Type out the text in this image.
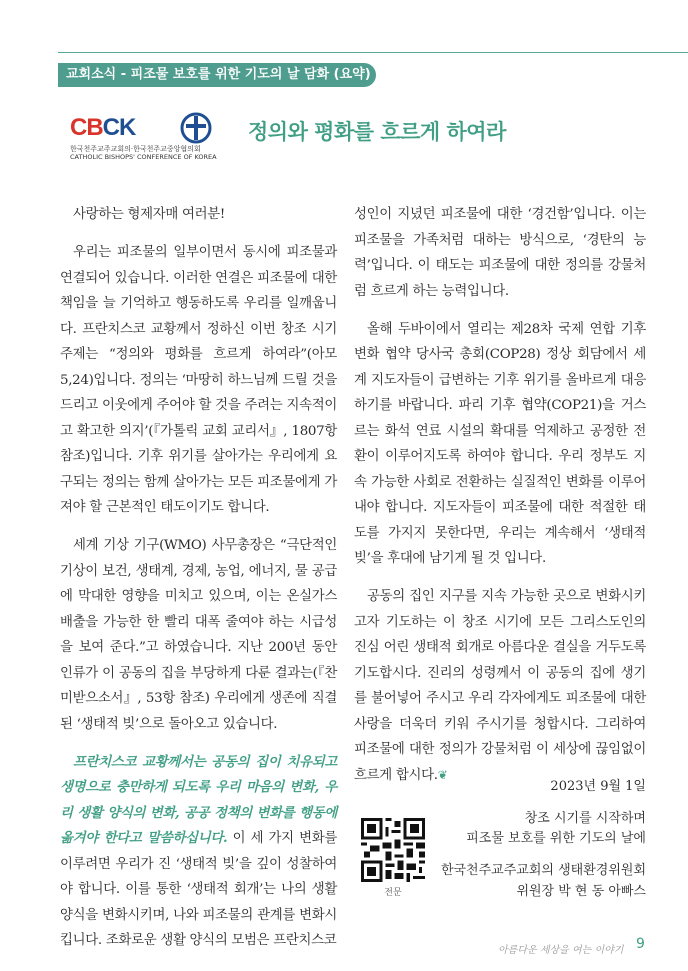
교회소식 - 피조물 보호를 위한 기도의 날 담화 (요약)
CBCK
한국천주교주교회의·한국천주교중앙협의회
CATHOLIC BISHOPS' CONFERENCE OF KOREA
정의와 평화를 흐르게 하여라

사랑하는 형제자매 여러분!

우리는 피조물의 일부이면서 동시에 피조물과 연결되어 있습니다. 이러한 연결은 피조물에 대한 책임을 늘 기억하고 행동하도록 우리를 일깨웁니다. 프란치스코 교황께서 정하신 이번 창조 시기 주제는 “정의와 평화를 흐르게 하여라”(아모 5,24)입니다. 정의는 ‘마땅히 하느님께 드릴 것을 드리고 이웃에게 주어야 할 것을 주려는 지속적이고 확고한 의지’(『가톨릭 교회 교리서』, 1807항 참조)입니다. 기후 위기를 살아가는 우리에게 요구되는 정의는 함께 살아가는 모든 피조물에게 가져야 할 근본적인 태도이기도 합니다.

세계 기상 기구(WMO) 사무총장은 “극단적인 기상이 보건, 생태계, 경제, 농업, 에너지, 물 공급에 막대한 영향을 미치고 있으며, 이는 온실가스 배출을 가능한 한 빨리 대폭 줄여야 하는 시급성을 보여 준다.”고 하였습니다. 지난 200년 동안 인류가 이 공동의 집을 부당하게 다룬 결과는(『찬미받으소서』, 53항 참조) 우리에게 생존에 직결된 ‘생태적 빚’으로 돌아오고 있습니다.

프란치스코 교황께서는 공동의 집이 치유되고 생명으로 충만하게 되도록 우리 마음의 변화, 우리 생활 양식의 변화, 공공 정책의 변화를 행동에 옮겨야 한다고 말씀하십니다. 이 세 가지 변화를 이루려면 우리가 진 ‘생태적 빚’을 깊이 성찰하여야 합니다. 이를 통한 ‘생태적 회개’는 나의 생활 양식을 변화시키며, 나와 피조물의 관계를 변화시킵니다. 조화로운 생활 양식의 모범은 프란치스코

성인이 지녔던 피조물에 대한 ‘경건함’입니다. 이는 피조물을 가족처럼 대하는 방식으로, ‘경탄의 능력’입니다. 이 태도는 피조물에 대한 정의를 강물처럼 흐르게 하는 능력입니다.

올해 두바이에서 열리는 제28차 국제 연합 기후 변화 협약 당사국 총회(COP28) 정상 회담에서 세계 지도자들이 급변하는 기후 위기를 올바르게 대응하기를 바랍니다. 파리 기후 협약(COP21)을 거스르는 화석 연료 시설의 확대를 억제하고 공정한 전환이 이루어지도록 하여야 합니다. 우리 정부도 지속 가능한 사회로 전환하는 실질적인 변화를 이루어내야 합니다. 지도자들이 피조물에 대한 적절한 태도를 가지지 못한다면, 우리는 계속해서 ‘생태적 빚’을 후대에 남기게 될 것 입니다.

공동의 집인 지구를 지속 가능한 곳으로 변화시키고자 기도하는 이 창조 시기에 모든 그리스도인의 진심 어린 생태적 회개로 아름다운 결실을 거두도록 기도합시다. 진리의 성령께서 이 공동의 집에 생기를 불어넣어 주시고 우리 각자에게도 피조물에 대한 사랑을 더욱더 키워 주시기를 청합시다. 그리하여 피조물에 대한 정의가 강물처럼 이 세상에 끊임없이 흐르게 합시다.❦

2023년 9월 1일
전문
창조 시기를 시작하며
피조물 보호를 위한 기도의 날에
한국천주교주교회의 생태환경위원회
위원장 박 현 동 아빠스
아름다운 세상을 여는 이야기 9
